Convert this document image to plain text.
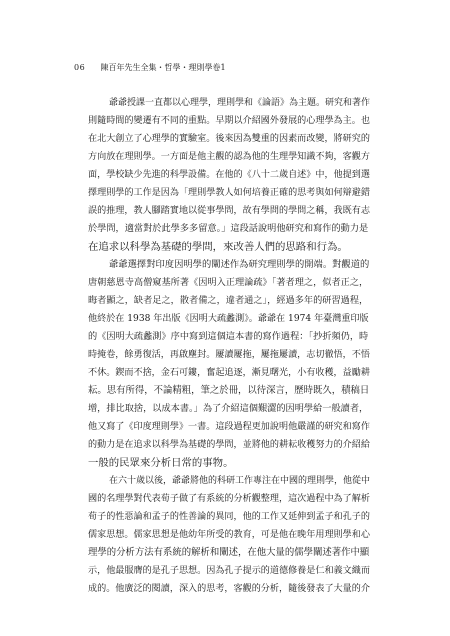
06 陳百年先生全集・哲學・理則學卷1
爺爺授課一直都以心理學，理則學和《論語》為主題。研究和著作
則隨時間的變遷有不同的重點。早期以介紹國外發展的心理學為主。也
在北大創立了心理學的實驗室。後來因為雙重的因素而改變，將研究的
方向放在理則學。一方面是他主觀的認為他的生理學知識不夠，客觀方
面，學校缺少先進的科學設備。在他的《八十二歲自述》中，他提到選
擇理則學的工作是因為「理則學教人如何培養正確的思考與如何辯避錯
誤的推理，教人腳踏實地以從事學問，故有學問的學問之稱，我既有志
於學問，適當對於此學多多留意。」這段話說明他研究和寫作的動力是
在追求以科學為基礎的學問，來改善人們的思路和行為。
爺爺選擇對印度因明學的闡述作為研究理則學的開端。對觀道的
唐朝慈恩寺高僧窺基所著《因明入正理論疏》「著者理之，似者正之，
晦者顯之，缺者足之，散者備之，違者通之」，經過多年的研習過程，
他終於在 1938 年出版《因明大疏蠡測》。爺爺在 1974 年臺灣重印版
的《因明大疏蠡測》序中寫到這個這本書的寫作過程：「抄折頻仍，時
時掩卷，餘勇復活，再啟塵封。屢讀屢拖，屢拖屢讀，志切徹悟，不悟
不休。鍥而不捨，金石可鏤，奮起追逐，漸見曙光，小有收穫，益勵耕
耘。思有所得，不論精粗，筆之於冊，以待深言，歷時既久，積稿日
增，排比取捨，以成本書。」為了介紹這個艱澀的因明學給一般讀者，
他又寫了《印度理則學》一書。這段過程更加說明他嚴謹的研究和寫作
的動力是在追求以科學為基礎的學問，並將他的耕耘收穫努力的介紹給
一般的民眾來分析日常的事物。
在六十歲以後，爺爺將他的科研工作專注在中國的理則學，他從中
國的名理學對代表荀子做了有系統的分析觀整理，這次過程中為了解析
荀子的性惡論和孟子的性善論的異同，他的工作又延伸到孟子和孔子的
儒家思想。儒家思想是他幼年所受的教育，可是他在晚年用理則學和心
理學的分析方法有系統的解析和闡述，在他大量的儒學闡述著作中顯
示，他最服膺的是孔子思想。因為孔子提示的道德修養是仁和義文織而
成的。他廣泛的閱讀，深入的思考，客觀的分析，隨後發表了大量的介
